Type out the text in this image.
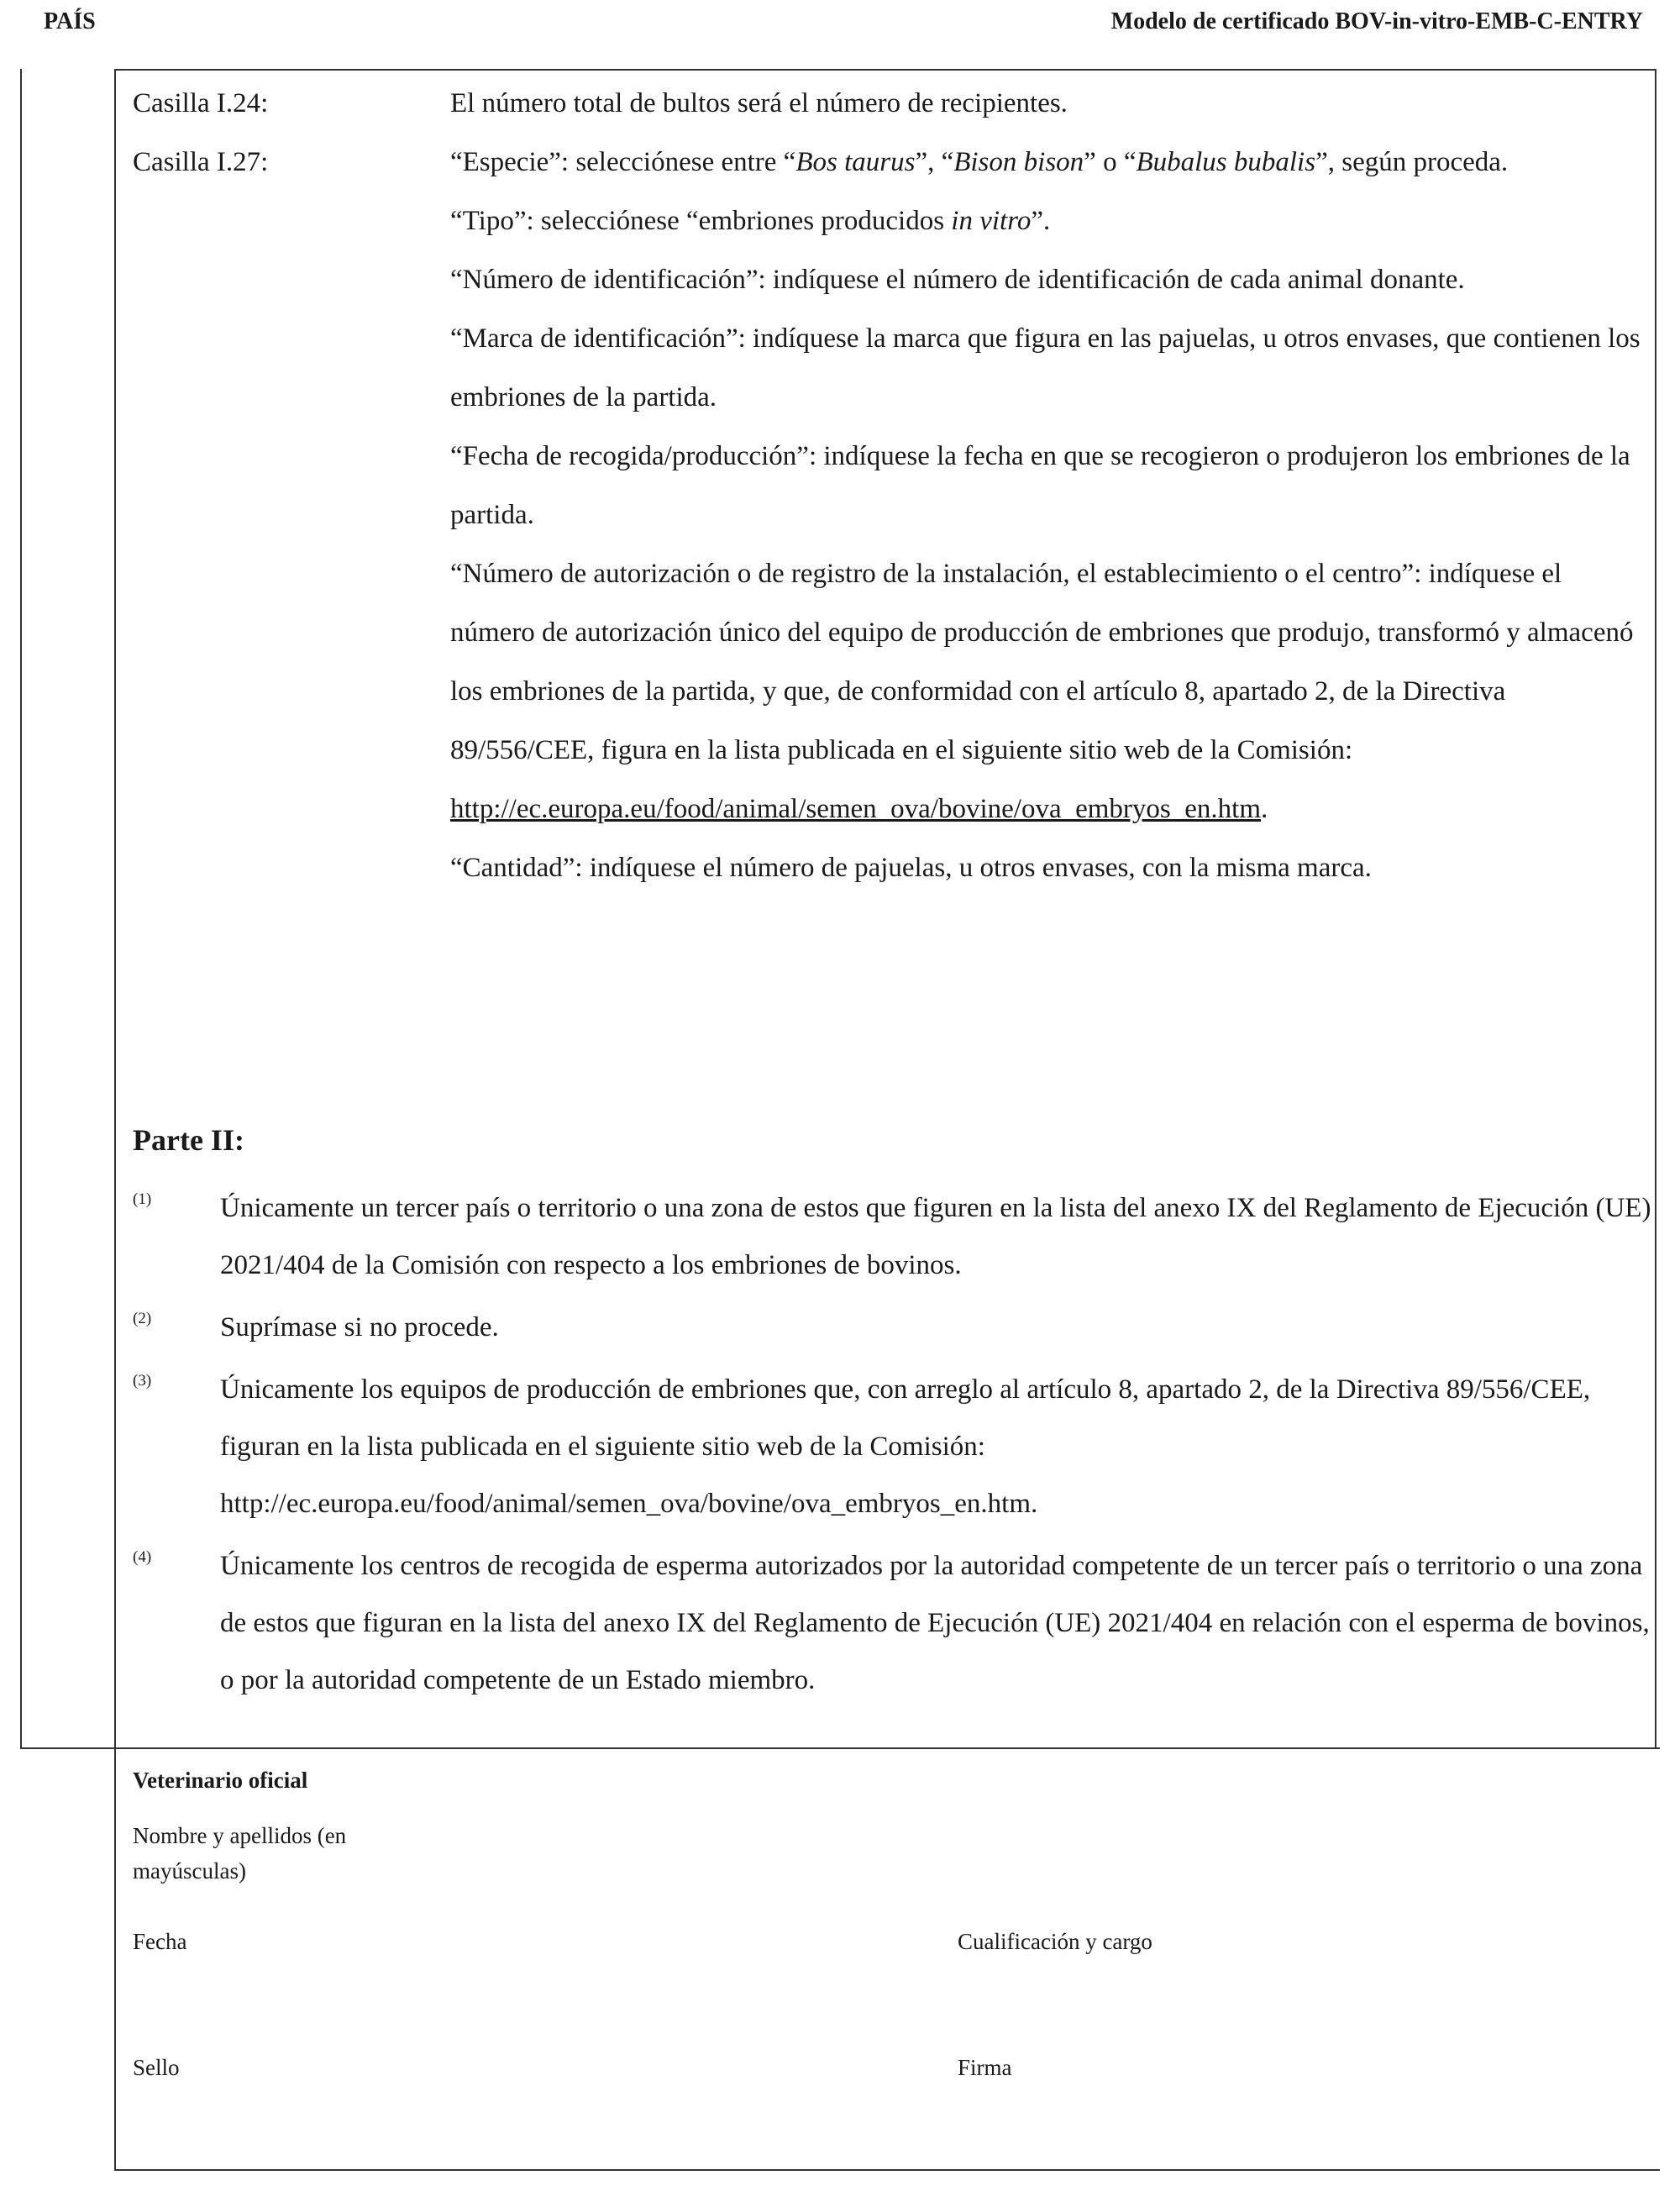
PAÍS	Modelo de certificado BOV-in-vitro-EMB-C-ENTRY
Casilla I.24:	El número total de bultos será el número de recipientes.

Casilla I.27:	“Especie”: selecciónese entre “Bos taurus”, “Bison bison” o “Bubalus bubalis”, según proceda.

“Tipo”: selecciónese “embriones producidos in vitro”.

“Número de identificación”: indíquese el número de identificación de cada animal donante.

“Marca de identificación”: indíquese la marca que figura en las pajuelas, u otros envases, que contienen los embriones de la partida.

“Fecha de recogida/producción”: indíquese la fecha en que se recogieron o produjeron los embriones de la partida.

“Número de autorización o de registro de la instalación, el establecimiento o el centro”: indíquese el número de autorización único del equipo de producción de embriones que produjo, transformó y almacenó los embriones de la partida, y que, de conformidad con el artículo 8, apartado 2, de la Directiva 89/556/CEE, figura en la lista publicada en el siguiente sitio web de la Comisión:

http://ec.europa.eu/food/animal/semen_ova/bovine/ova_embryos_en.htm.

“Cantidad”: indíquese el número de pajuelas, u otros envases, con la misma marca.

Parte II:
(1) Únicamente un tercer país o territorio o una zona de estos que figuren en la lista del anexo IX del Reglamento de Ejecución (UE) 2021/404 de la Comisión con respecto a los embriones de bovinos.
(2) Suprímase si no procede.
(3) Únicamente los equipos de producción de embriones que, con arreglo al artículo 8, apartado 2, de la Directiva 89/556/CEE, figuran en la lista publicada en el siguiente sitio web de la Comisión: http://ec.europa.eu/food/animal/semen_ova/bovine/ova_embryos_en.htm.
(4) Únicamente los centros de recogida de esperma autorizados por la autoridad competente de un tercer país o territorio o una zona de estos que figuran en la lista del anexo IX del Reglamento de Ejecución (UE) 2021/404 en relación con el esperma de bovinos, o por la autoridad competente de un Estado miembro.
Veterinario oficial
Nombre y apellidos (en mayúsculas)
Fecha	Cualificación y cargo
Sello	Firma
